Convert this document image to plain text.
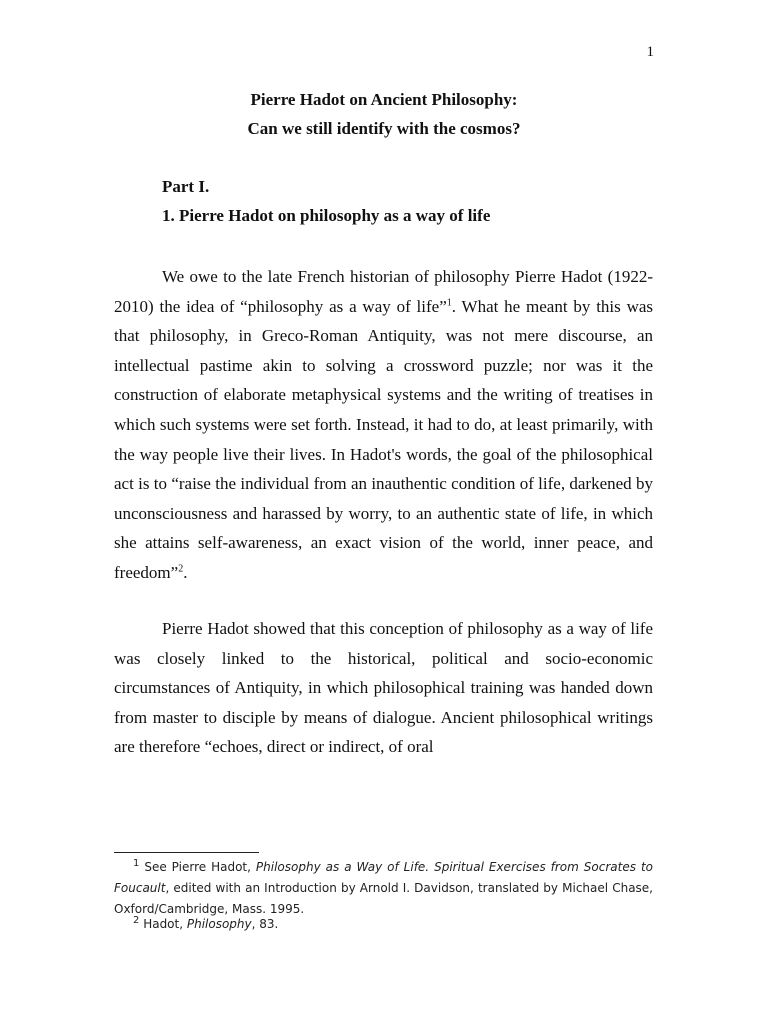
1
Pierre Hadot on Ancient Philosophy:
Can we still identify with the cosmos?
Part I.
1. Pierre Hadot on philosophy as a way of life

We owe to the late French historian of philosophy Pierre Hadot (1922-2010) the idea of “philosophy as a way of life”$^1$. What he meant by this was that philosophy, in Greco-Roman Antiquity, was not mere discourse, an intellectual pastime akin to solving a crossword puzzle; nor was it the construction of elaborate metaphysical systems and the writing of treatises in which such systems were set forth. Instead, it had to do, at least primarily, with the way people live their lives. In Hadot's words, the goal of the philosophical act is to “raise the individual from an inauthentic condition of life, darkened by unconsciousness and harassed by worry, to an authentic state of life, in which she attains self-awareness, an exact vision of the world, inner peace, and freedom”$^2$.

Pierre Hadot showed that this conception of philosophy as a way of life was closely linked to the historical, political and socio-economic circumstances of Antiquity, in which philosophical training was handed down from master to disciple by means of dialogue. Ancient philosophical writings are therefore “echoes, direct or indirect, of oral

$^1$ See Pierre Hadot, Philosophy as a Way of Life. Spiritual Exercises from Socrates to Foucault, edited with an Introduction by Arnold I. Davidson, translated by Michael Chase, Oxford/Cambridge, Mass. 1995.

$^2$ Hadot, Philosophy, 83.
